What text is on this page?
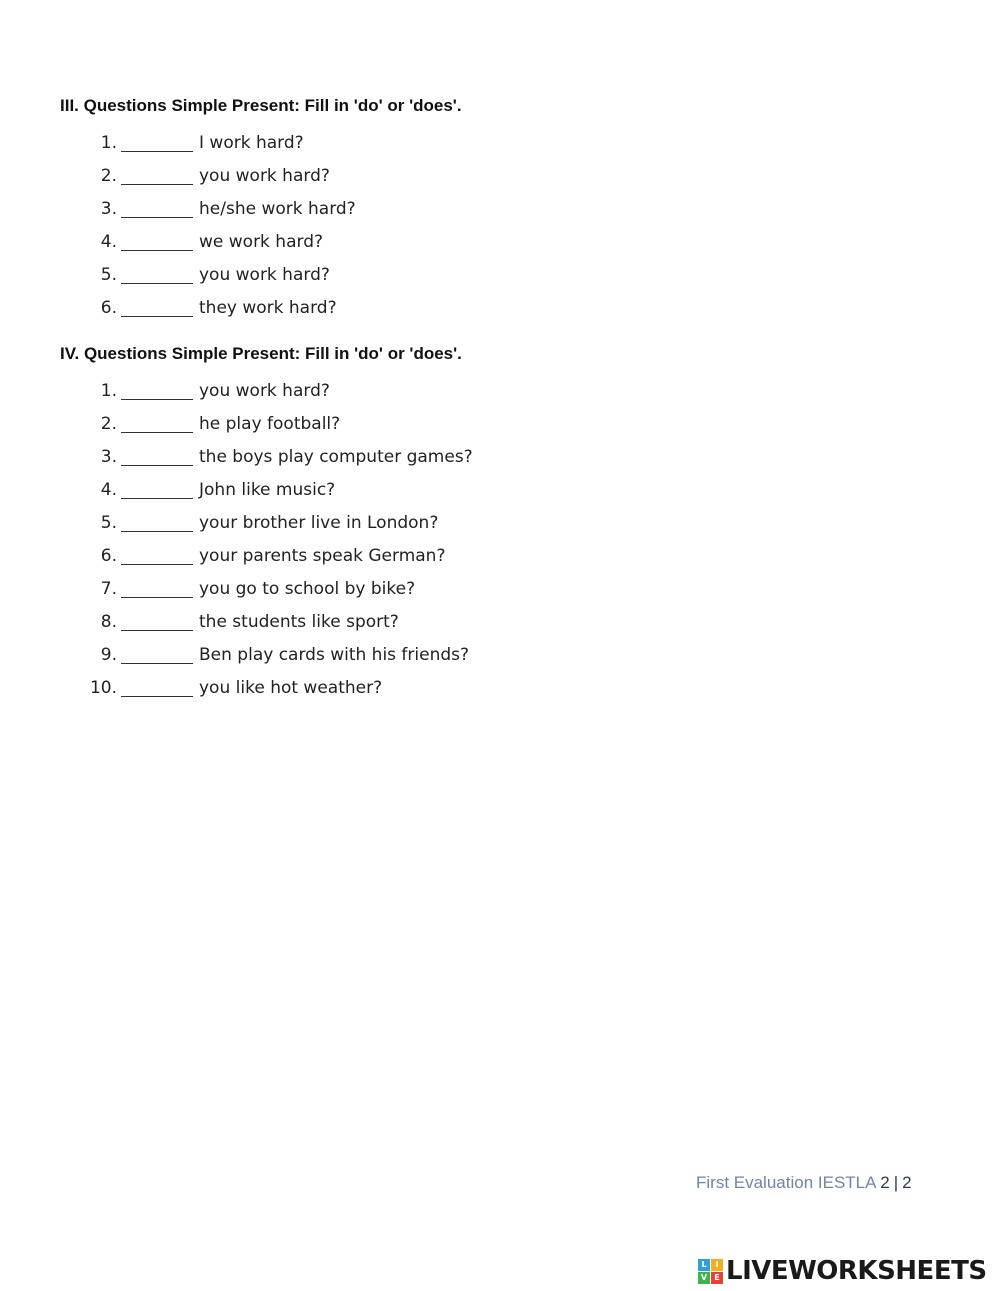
III. Questions Simple Present: Fill in 'do' or 'does'.
1.	I work hard?
2.	you work hard?
3.	he/she work hard?
4.	we work hard?
5.	you work hard?
6.	they work hard?
IV. Questions Simple Present: Fill in 'do' or 'does'.
1.	you work hard?
2.	he play football?
3.	the boys play computer games?
4.	John like music?
5.	your brother live in London?
6.	your parents speak German?
7.	you go to school by bike?
8.	the students like sport?
9.	Ben play cards with his friends?
10.	you like hot weather?
First Evaluation IESTLA 2 | 2
L	I
V E LIVEWORKSHEETS
